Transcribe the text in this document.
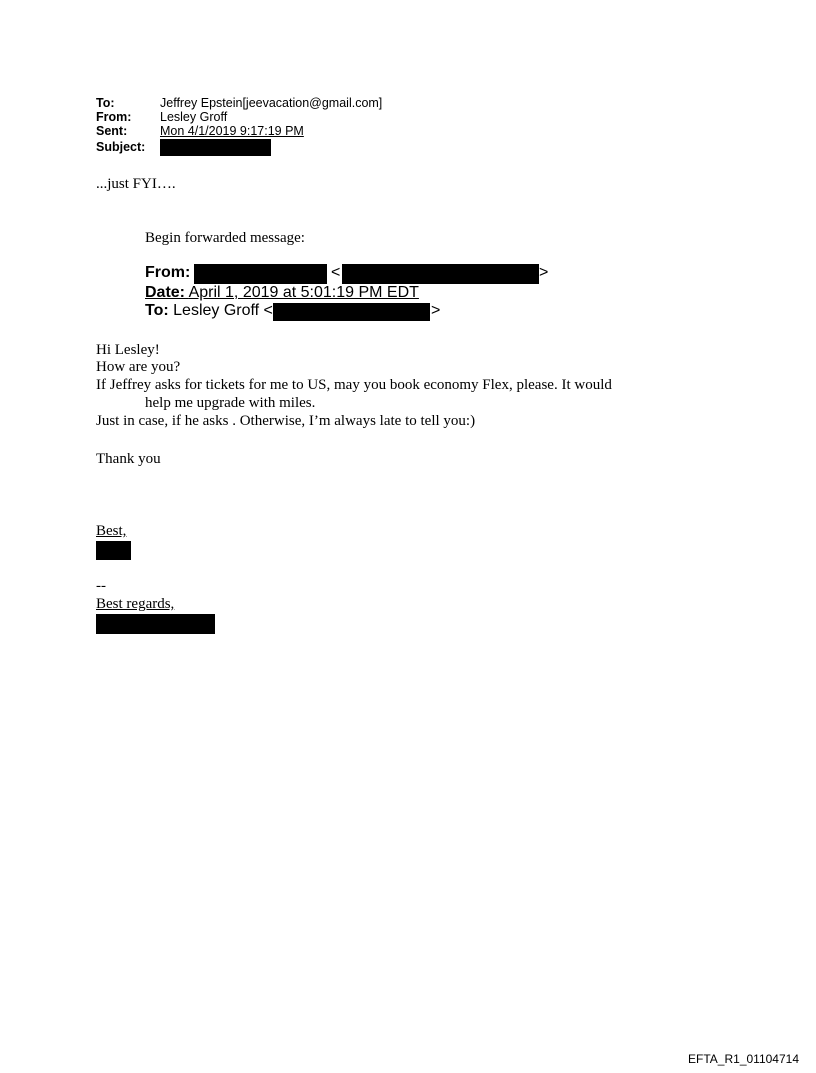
To:	Jeffrey Epstein[jeevacation@gmail.com]
From: Lesley Groff
Sent:	Mon 4/1/2019 9:17:19 PM
Subject:
...just FYI….
Begin forwarded message:
From:	<	>
Date: April 1, 2019 at 5:01:19 PM EDT
To: Lesley Groff <	>
Hi Lesley!
How are you?
If Jeffrey asks for tickets for me to US, may you book economy Flex, please. It would
help me upgrade with miles.
Just in case, if he asks . Otherwise, I’m always late to tell you:)
Thank you
Best,
--
Best regards,
EFTA_R1_01104714
